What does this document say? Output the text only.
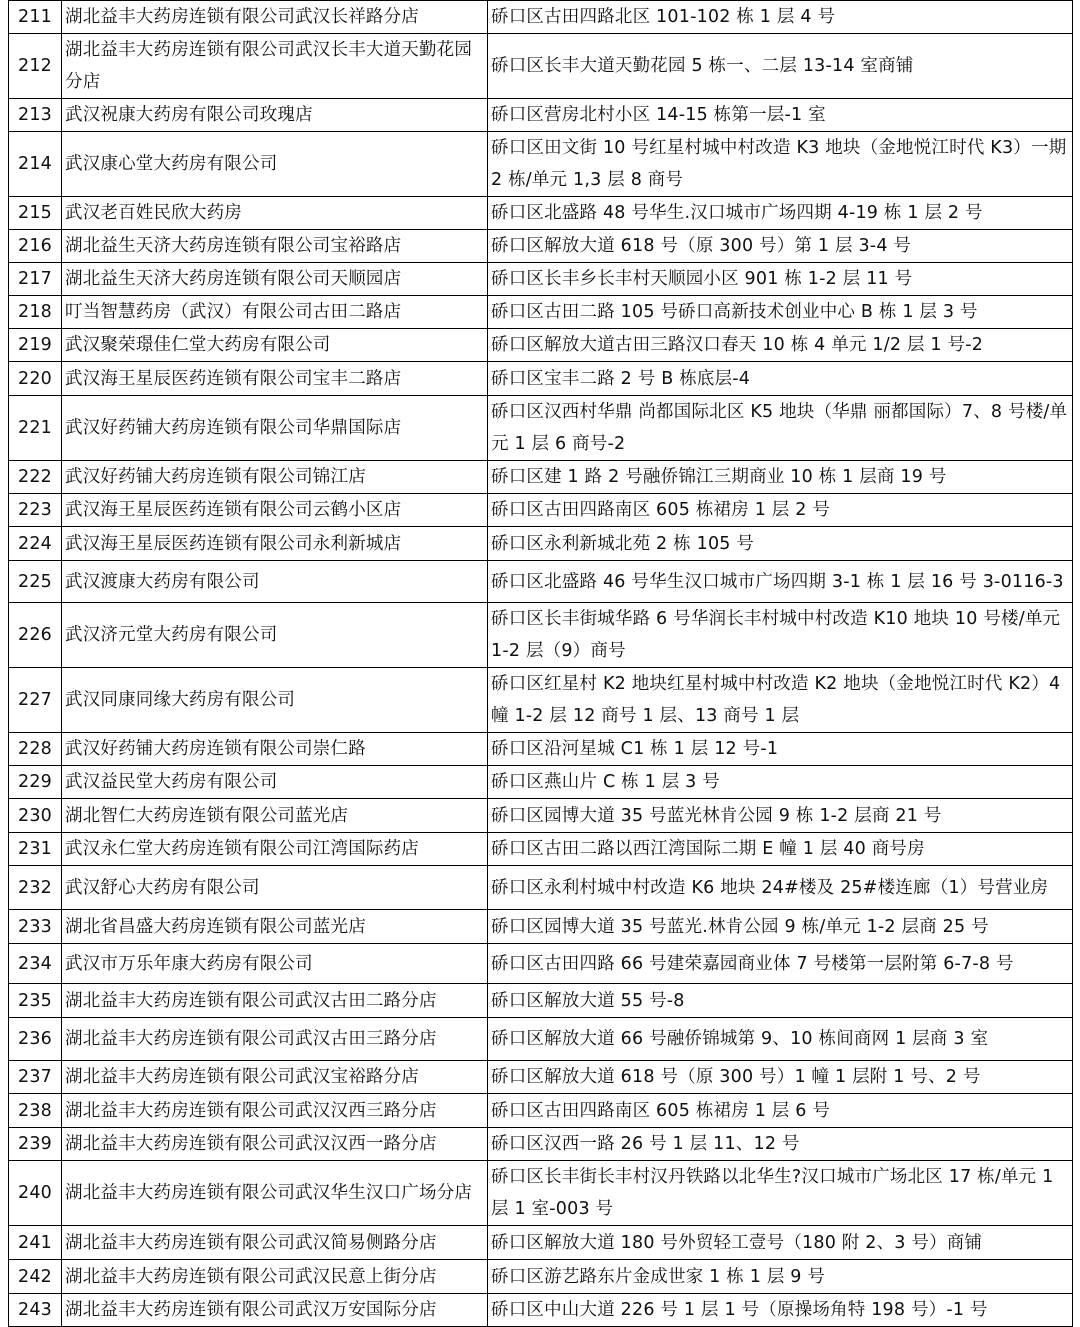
211	湖北益丰大药房连锁有限公司武汉长祥路分店	硚口区古田四路北区 101-102 栋 1 层 4 号
212	湖北益丰大药房连锁有限公司武汉长丰大道天勤花园分店	硚口区长丰大道天勤花园 5 栋一、二层 13-14 室商铺
213	武汉祝康大药房有限公司玫瑰店	硚口区营房北村小区 14-15 栋第一层-1 室
214	武汉康心堂大药房有限公司	硚口区田文街 10 号红星村城中村改造 K3 地块（金地悦江时代 K3）一期 2 栋/单元 1,3 层 8 商号
215	武汉老百姓民欣大药房	硚口区北盛路 48 号华生.汉口城市广场四期 4-19 栋 1 层 2 号
216	湖北益生天济大药房连锁有限公司宝裕路店	硚口区解放大道 618 号（原 300 号）第 1 层 3-4 号
217	湖北益生天济大药房连锁有限公司天顺园店	硚口区长丰乡长丰村天顺园小区 901 栋 1-2 层 11 号
218	叮当智慧药房（武汉）有限公司古田二路店	硚口区古田二路 105 号硚口高新技术创业中心 B 栋 1 层 3 号
219	武汉聚荣璟佳仁堂大药房有限公司	硚口区解放大道古田三路汉口春天 10 栋 4 单元 1/2 层 1 号-2
220	武汉海王星辰医药连锁有限公司宝丰二路店	硚口区宝丰二路 2 号 B 栋底层-4
221	武汉好药铺大药房连锁有限公司华鼎国际店	硚口区汉西村华鼎 尚都国际北区 K5 地块（华鼎 丽都国际）7、8 号楼/单元 1 层 6 商号-2
222	武汉好药铺大药房连锁有限公司锦江店	硚口区建 1 路 2 号融侨锦江三期商业 10 栋 1 层商 19 号
223	武汉海王星辰医药连锁有限公司云鹤小区店	硚口区古田四路南区 605 栋裙房 1 层 2 号
224	武汉海王星辰医药连锁有限公司永利新城店	硚口区永利新城北苑 2 栋 105 号
225	武汉渡康大药房有限公司	硚口区北盛路 46 号华生汉口城市广场四期 3-1 栋 1 层 16 号 3-0116-3
226	武汉济元堂大药房有限公司	硚口区长丰街城华路 6 号华润长丰村城中村改造 K10 地块 10 号楼/单元 1-2 层（9）商号
227	武汉同康同缘大药房有限公司	硚口区红星村 K2 地块红星村城中村改造 K2 地块（金地悦江时代 K2）4 幢 1-2 层 12 商号 1 层、13 商号 1 层
228	武汉好药铺大药房连锁有限公司崇仁路	硚口区沿河星城 C1 栋 1 层 12 号-1
229	武汉益民堂大药房有限公司	硚口区燕山片 C 栋 1 层 3 号
230	湖北智仁大药房连锁有限公司蓝光店	硚口区园博大道 35 号蓝光林肯公园 9 栋 1-2 层商 21 号
231	武汉永仁堂大药房连锁有限公司江湾国际药店	硚口区古田二路以西江湾国际二期 E 幢 1 层 40 商号房
232	武汉舒心大药房有限公司	硚口区永利村城中村改造 K6 地块 24#楼及 25#楼连廊（1）号营业房
233	湖北省昌盛大药房连锁有限公司蓝光店	硚口区园博大道 35 号蓝光.林肯公园 9 栋/单元 1-2 层商 25 号
234	武汉市万乐年康大药房有限公司	硚口区古田四路 66 号建荣嘉园商业体 7 号楼第一层附第 6-7-8 号
235	湖北益丰大药房连锁有限公司武汉古田二路分店	硚口区解放大道 55 号-8
236	湖北益丰大药房连锁有限公司武汉古田三路分店	硚口区解放大道 66 号融侨锦城第 9、10 栋间商网 1 层商 3 室
237	湖北益丰大药房连锁有限公司武汉宝裕路分店	硚口区解放大道 618 号（原 300 号）1 幢 1 层附 1 号、2 号
238	湖北益丰大药房连锁有限公司武汉汉西三路分店	硚口区古田四路南区 605 栋裙房 1 层 6 号
239	湖北益丰大药房连锁有限公司武汉汉西一路分店	硚口区汉西一路 26 号 1 层 11、12 号
240	湖北益丰大药房连锁有限公司武汉华生汉口广场分店	硚口区长丰街长丰村汉丹铁路以北华生?汉口城市广场北区 17 栋/单元 1 层 1 室-003 号
241	湖北益丰大药房连锁有限公司武汉简易侧路分店	硚口区解放大道 180 号外贸轻工壹号（180 附 2、3 号）商铺
242	湖北益丰大药房连锁有限公司武汉民意上街分店	硚口区游艺路东片金成世家 1 栋 1 层 9 号
243	湖北益丰大药房连锁有限公司武汉万安国际分店	硚口区中山大道 226 号 1 层 1 号（原操场角特 198 号）-1 号
